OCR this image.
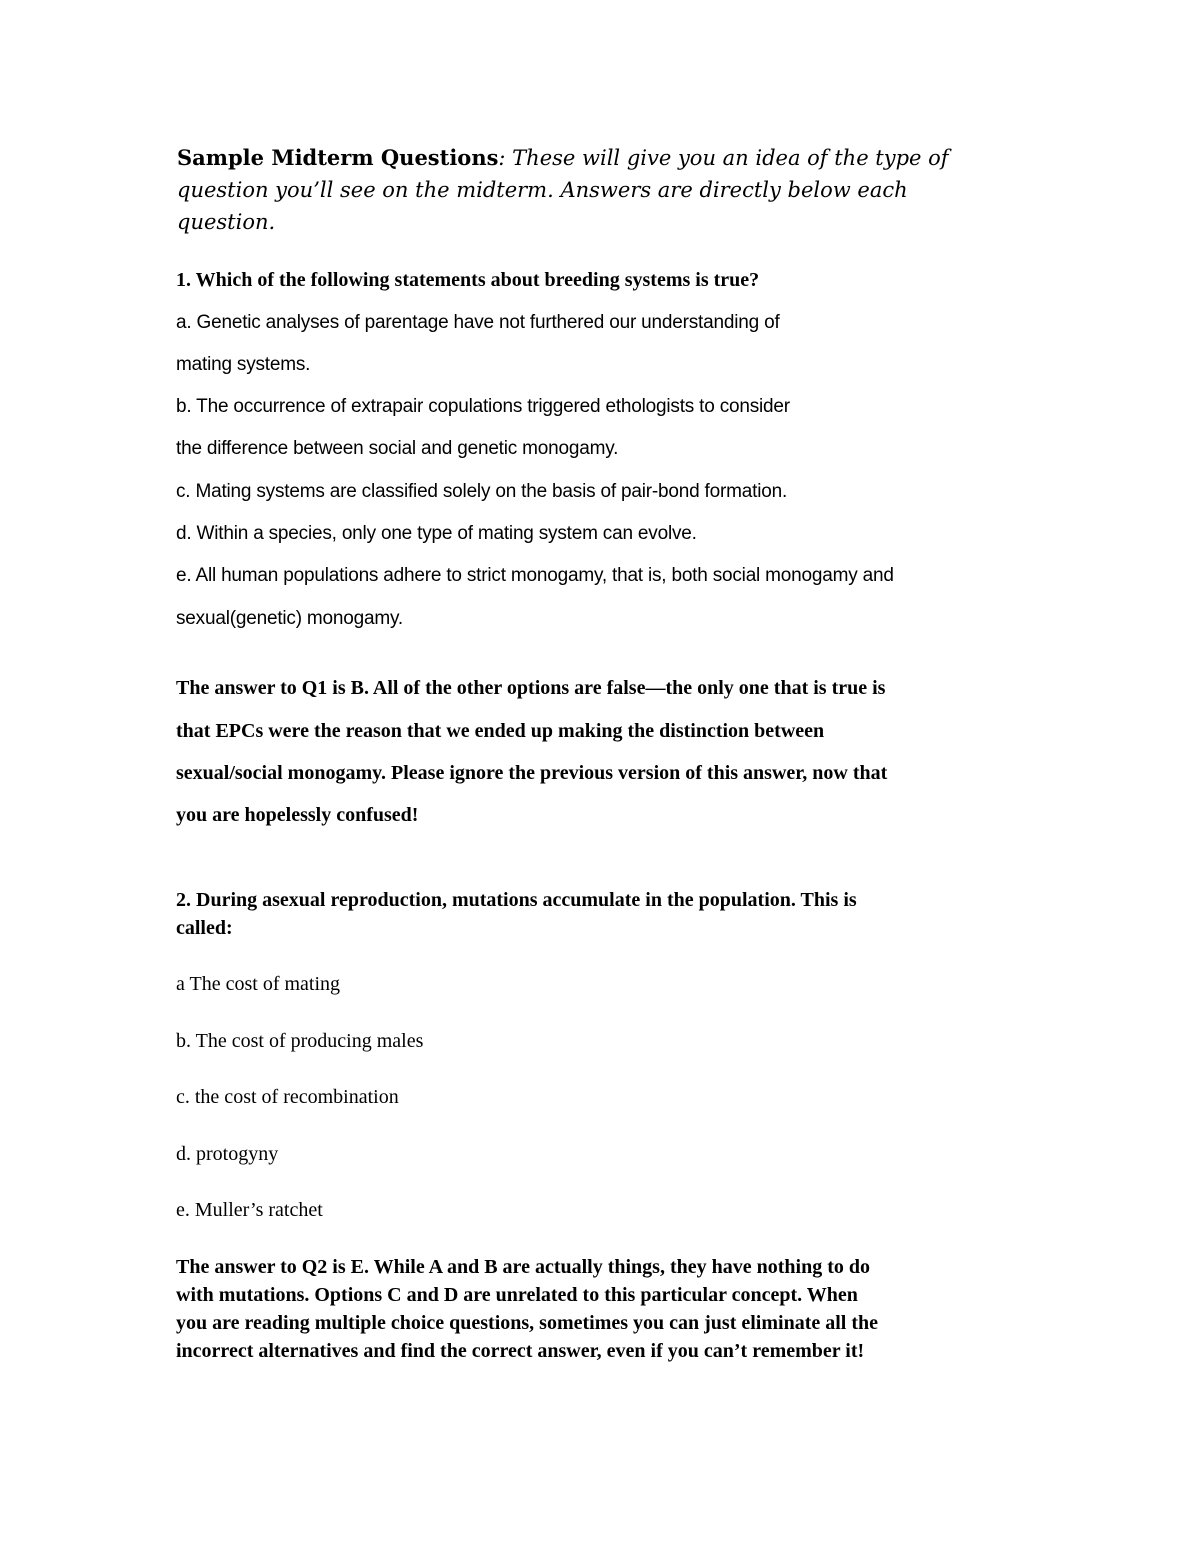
Sample Midterm Questions: These will give you an idea of the type of
question you’ll see on the midterm. Answers are directly below each
question.

1. Which of the following statements about breeding systems is true?

a. Genetic analyses of parentage have not furthered our understanding of

mating systems.

b. The occurrence of extrapair copulations triggered ethologists to consider

the difference between social and genetic monogamy.

c. Mating systems are classified solely on the basis of pair-bond formation.

d. Within a species, only one type of mating system can evolve.

e. All human populations adhere to strict monogamy, that is, both social monogamy and

sexual(genetic) monogamy.

The answer to Q1 is B. All of the other options are false—the only one that is true is

that EPCs were the reason that we ended up making the distinction between

sexual/social monogamy. Please ignore the previous version of this answer, now that

you are hopelessly confused!

2. During asexual reproduction, mutations accumulate in the population. This is

called:

a The cost of mating

b. The cost of producing males

c. the cost of recombination

d. protogyny

e. Muller’s ratchet

The answer to Q2 is E. While A and B are actually things, they have nothing to do

with mutations. Options C and D are unrelated to this particular concept. When

you are reading multiple choice questions, sometimes you can just eliminate all the

incorrect alternatives and find the correct answer, even if you can’t remember it!
